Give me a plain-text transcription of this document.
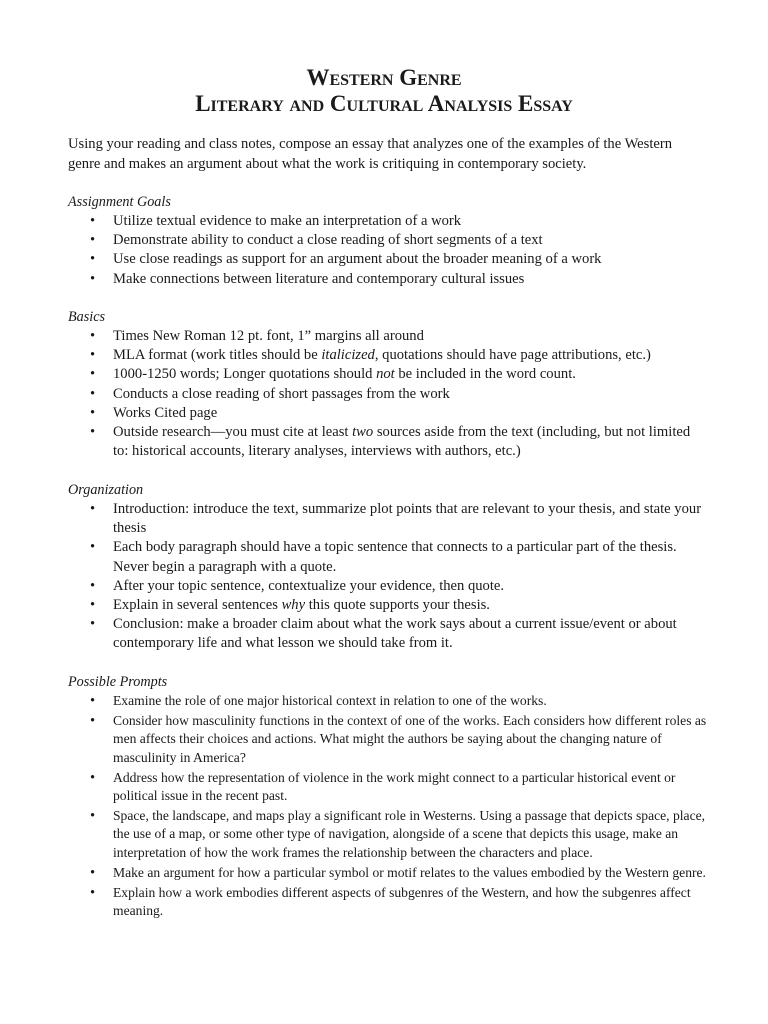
Western Genre
Literary and Cultural Analysis Essay

Using your reading and class notes, compose an essay that analyzes one of the examples of the Western genre and makes an argument about what the work is critiquing in contemporary society.

Assignment Goals

• Utilize textual evidence to make an interpretation of a work
• Demonstrate ability to conduct a close reading of short segments of a text
• Use close readings as support for an argument about the broader meaning of a work
• Make connections between literature and contemporary cultural issues

Basics

• Times New Roman 12 pt. font, 1” margins all around
• MLA format (work titles should be italicized, quotations should have page attributions, etc.)
• 1000-1250 words; Longer quotations should not be included in the word count.
• Conducts a close reading of short passages from the work
• Works Cited page
• Outside research—you must cite at least two sources aside from the text (including, but not limited to: historical accounts, literary analyses, interviews with authors, etc.)

Organization

• Introduction: introduce the text, summarize plot points that are relevant to your thesis, and state your thesis
• Each body paragraph should have a topic sentence that connects to a particular part of the thesis. Never begin a paragraph with a quote.
• After your topic sentence, contextualize your evidence, then quote.
• Explain in several sentences why this quote supports your thesis.
• Conclusion: make a broader claim about what the work says about a current issue/event or about contemporary life and what lesson we should take from it.

Possible Prompts

• Examine the role of one major historical context in relation to one of the works.
• Consider how masculinity functions in the context of one of the works. Each considers how different roles as men affects their choices and actions. What might the authors be saying about the changing nature of masculinity in America?
• Address how the representation of violence in the work might connect to a particular historical event or political issue in the recent past.
• Space, the landscape, and maps play a significant role in Westerns. Using a passage that depicts space, place, the use of a map, or some other type of navigation, alongside of a scene that depicts this usage, make an interpretation of how the work frames the relationship between the characters and place.
• Make an argument for how a particular symbol or motif relates to the values embodied by the Western genre.
• Explain how a work embodies different aspects of subgenres of the Western, and how the subgenres affect meaning.
